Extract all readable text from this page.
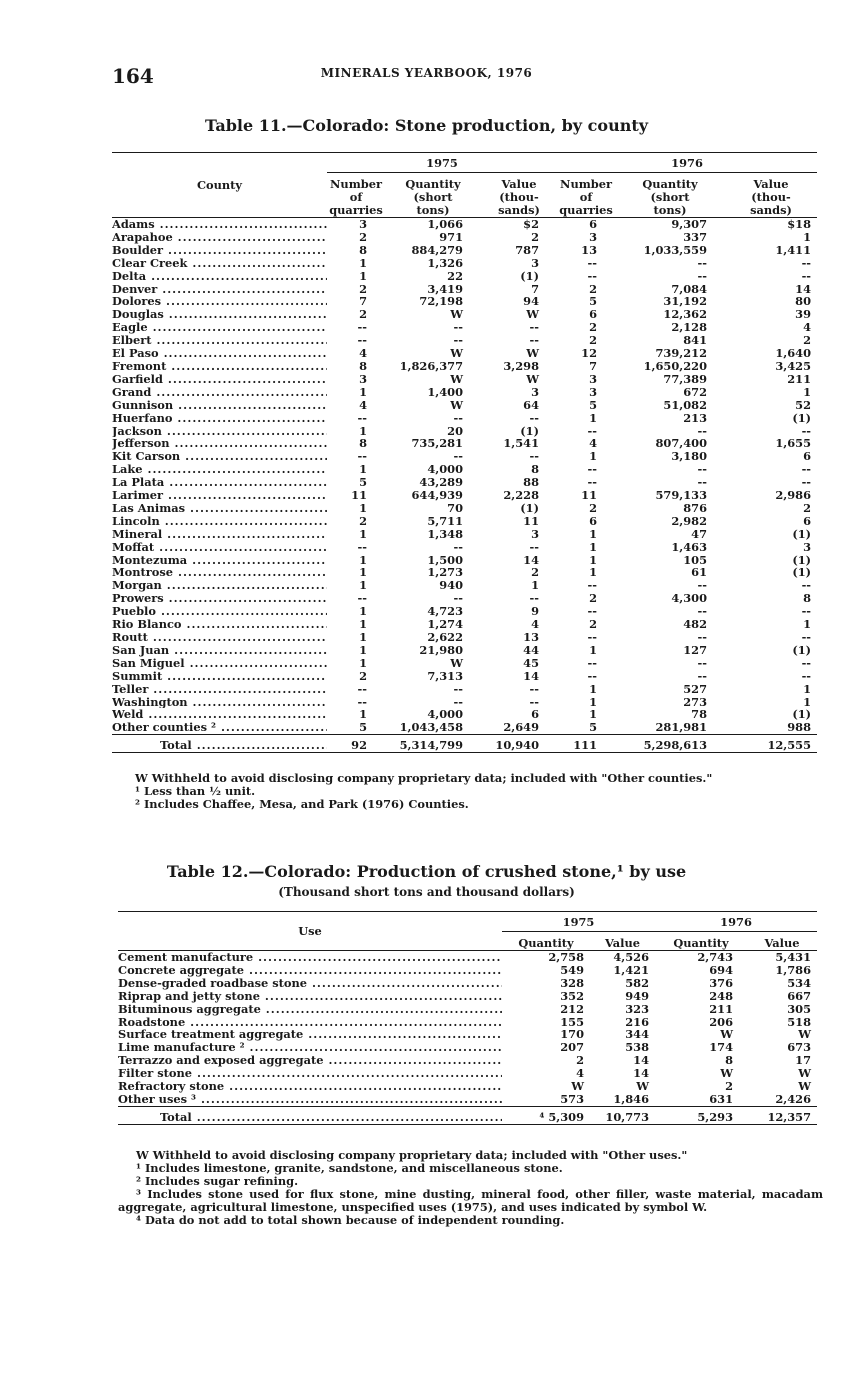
164	MINERALS YEARBOOK, 1976
Table 11.—Colorado: Stone production, by county
County	1975			1976		
	Number of quarries	Quantity (short tons)	Value (thou- sands)	Number of quarries	Quantity (short tons)	Value (thou- sands)

Adams .....	3	1,066	$2	6	9,307	$18

Arapahoe .....	2	971	2	3	337	1

Boulder .....	8	884,279	787	13	1,033,559	1,411

Clear Creek .....	1	1,326	3	--	--	--

Delta .....	1	22	(1)	--	--	--

Denver .....	2	3,419	7	2	7,084	14

Dolores .....	7	72,198	94	5	31,192	80

Douglas .....	2	W	W	6	12,362	39

Eagle .....	--	--	--	2	2,128	4

Elbert .....	--	--	--	2	841	2

El Paso .....	4	W	W	12	739,212	1,640

Fremont .....	8	1,826,377	3,298	7	1,650,220	3,425

Garfield .....	3	W	W	3	77,389	211

Grand .....	1	1,400	3	3	672	1

Gunnison .....	4	W	64	5	51,082	52

Huerfano .....	--	--	--	1	213	(1)

Jackson .....	1	20	(1)	--	--	--

Jefferson .....	8	735,281	1,541	4	807,400	1,655

Kit Carson .....	--	--	--	1	3,180	6

Lake .....	1	4,000	8	--	--	--

La Plata .....	5	43,289	88	--	--	--

Larimer .....	11	644,939	2,228	11	579,133	2,986

Las Animas .....	1	70	(1)	2	876	2

Lincoln .....	2	5,711	11	6	2,982	6

Mineral .....	1	1,348	3	1	47	(1)

Moffat .....	--	--	--	1	1,463	3

Montezuma .....	1	1,500	14	1	105	(1)

Montrose .....	1	1,273	2	1	61	(1)

Morgan .....	1	940	1	--	--	--

Prowers .....	--	--	--	2	4,300	8

Pueblo .....	1	4,723	9	--	--	--

Rio Blanco .....	1	1,274	4	2	482	1

Routt .....	1	2,622	13	--	--	--

San Juan .....	1	21,980	44	1	127	(1)

San Miguel .....	1	W	45	--	--	--

Summit .....	2	7,313	14	--	--	--

Teller .....	--	--	--	1	527	1

Washington .....	--	--	--	1	273	1

Weld .....	1	4,000	6	1	78	(1)

Other counties ² .....	5	1,043,458	2,649	5	281,981	988

Total .....	92	5,314,799	10,940	111	5,298,613	12,555

W Withheld to avoid disclosing company proprietary data; included with "Other counties."

¹ Less than ½ unit.

² Includes Chaffee, Mesa, and Park (1976) Counties.

Table 12.—Colorado: Production of crushed stone,¹ by use
(Thousand short tons and thousand dollars)
Use	1975		1976	
	Quantity	Value	Quantity	Value

Cement manufacture .....	2,758	4,526	2,743	5,431

Concrete aggregate .....	549	1,421	694	1,786

Dense-graded roadbase stone .....	328	582	376	534

Riprap and jetty stone .....	352	949	248	667

Bituminous aggregate .....	212	323	211	305

Roadstone .....	155	216	206	518

Surface treatment aggregate .....	170	344	W	W

Lime manufacture ² .....	207	538	174	673

Terrazzo and exposed aggregate .....	2	14	8	17

Filter stone .....	4	14	W	W

Refractory stone .....	W	W	2	W

Other uses ³ .....	573	1,846	631	2,426

Total .....	⁴ 5,309	10,773	5,293	12,357

W Withheld to avoid disclosing company proprietary data; included with "Other uses."

¹ Includes limestone, granite, sandstone, and miscellaneous stone.

² Includes sugar refining.

³ Includes stone used for flux stone, mine dusting, mineral food, other filler, waste material, macadam aggregate, agricultural limestone, unspecified uses (1975), and uses indicated by symbol W.

⁴ Data do not add to total shown because of independent rounding.
